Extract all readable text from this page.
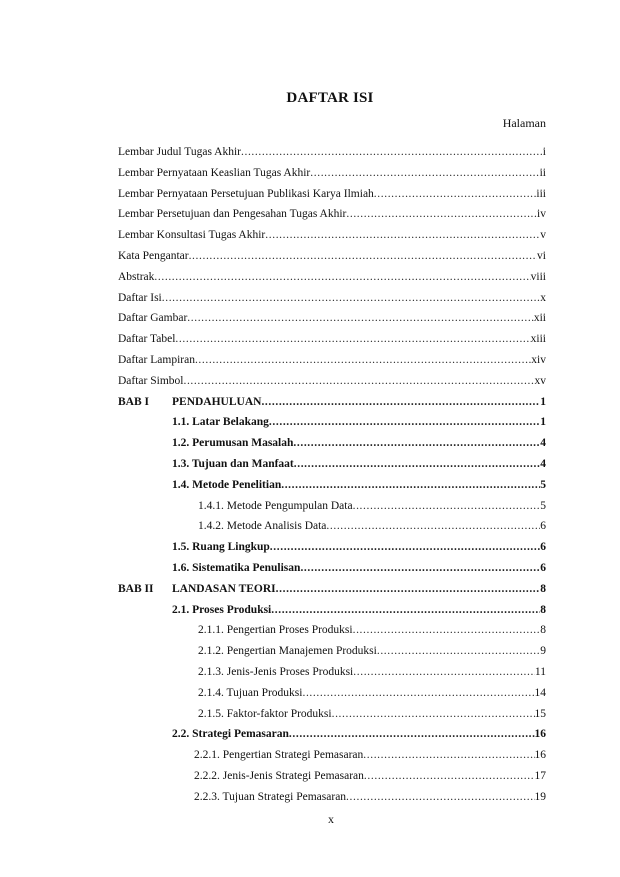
DAFTAR ISI
Halaman
Lembar Judul Tugas Akhir .....	i
Lembar Pernyataan Keaslian Tugas Akhir .....	ii
Lembar Pernyataan Persetujuan Publikasi Karya Ilmiah .....	iii
Lembar Persetujuan dan Pengesahan Tugas Akhir .....	iv
Lembar Konsultasi Tugas Akhir .....	v
Kata Pengantar .....	vi
Abstrak .....	viii
Daftar Isi .....	x
Daftar Gambar .....	xii
Daftar Tabel .....	xiii
Daftar Lampiran .....	xiv
Daftar Simbol .....	xv
BAB I PENDAHULUAN .....	1
1.1. Latar Belakang .....	1
1.2. Perumusan Masalah .....	4
1.3. Tujuan dan Manfaat .....	4
1.4. Metode Penelitian .....	5
1.4.1. Metode Pengumpulan Data .....	5
1.4.2. Metode Analisis Data .....	6
1.5. Ruang Lingkup .....	6
1.6. Sistematika Penulisan .....	6
BAB II LANDASAN TEORI .....	8
2.1. Proses Produksi .....	8
2.1.1. Pengertian Proses Produksi .....	8
2.1.2. Pengertian Manajemen Produksi .....	9
2.1.3. Jenis-Jenis Proses Produksi .....	11
2.1.4. Tujuan Produksi .....	14
2.1.5. Faktor-faktor Produksi .....	15
2.2. Strategi Pemasaran .....	16
2.2.1. Pengertian Strategi Pemasaran .....	16
2.2.2. Jenis-Jenis Strategi Pemasaran .....	17
2.2.3. Tujuan Strategi Pemasaran .....	19
x
